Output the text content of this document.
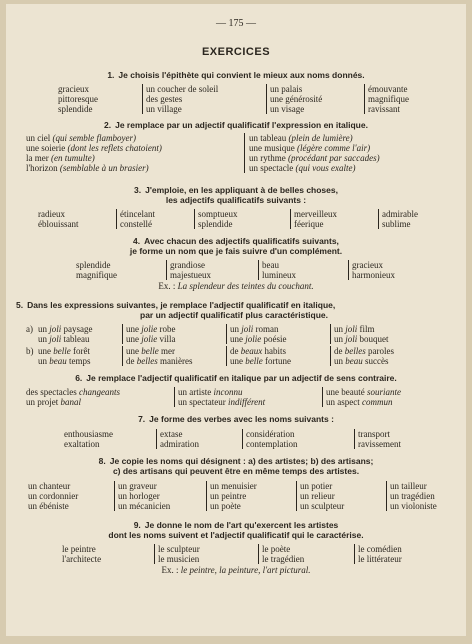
— 175 —
EXERCICES
1. Je choisis l'épithète qui convient le mieux aux noms donnés.
gracieux	un coucher de soleil	un palais	émouvante
pittoresque	des gestes	une générosité	magnifique
splendide	un village	un visage	ravissant
2. Je remplace par un adjectif qualificatif l'expression en italique.
un ciel (qui semble flamboyer)	un tableau (plein de lumière)
une soierie (dont les reflets chatoient)	une musique (légère comme l'air)
la mer (en tumulte)	un rythme (procédant par saccades)
l'horizon (semblable à un brasier)	un spectacle (qui vous exalte)
3. J'emploie, en les appliquant à de belles choses,
les adjectifs qualificatifs suivants :
radieux	étincelant	somptueux	merveilleux	admirable
éblouissant	constellé	splendide	féerique	sublime
4. Avec chacun des adjectifs qualificatifs suivants,
je forme un nom que je fais suivre d'un complément.
splendide	grandiose	beau	gracieux
magnifique	majestueux	lumineux	harmonieux
Ex. : La splendeur des teintes du couchant.
5. Dans les expressions suivantes, je remplace l'adjectif qualificatif en italique,

par un adjectif qualificatif plus caractéristique.
a)
b)
un joli paysage	une jolie robe	un joli roman	un joli film
un joli tableau	une jolie villa	une jolie poésie	un joli bouquet
une belle forêt	une belle mer	de beaux habits	de belles paroles
un beau temps	de belles manières	une belle fortune	un beau succès
6. Je remplace l'adjectif qualificatif en italique par un adjectif de sens contraire.
des spectacles changeants	un artiste inconnu	une beauté souriante
un projet banal	un spectateur indifférent	un aspect commun
7. Je forme des verbes avec les noms suivants :
enthousiasme	extase	considération	transport
exaltation	admiration	contemplation	ravissement
8. Je copie les noms qui désignent : a) des artistes; b) des artisans;
c) des artisans qui peuvent être en même temps des artistes.
un chanteur	un graveur	un menuisier	un potier	un tailleur
un cordonnier	un horloger	un peintre	un relieur	un tragédien
un ébéniste	un mécanicien	un poète	un sculpteur	un violoniste
9. Je donne le nom de l'art qu'exercent les artistes
dont les noms suivent et l'adjectif qualificatif qui le caractérise.
le peintre	le sculpteur	le poète	le comédien
l'architecte	le musicien	le tragédien	le littérateur
Ex. : le peintre, la peinture, l'art pictural.
